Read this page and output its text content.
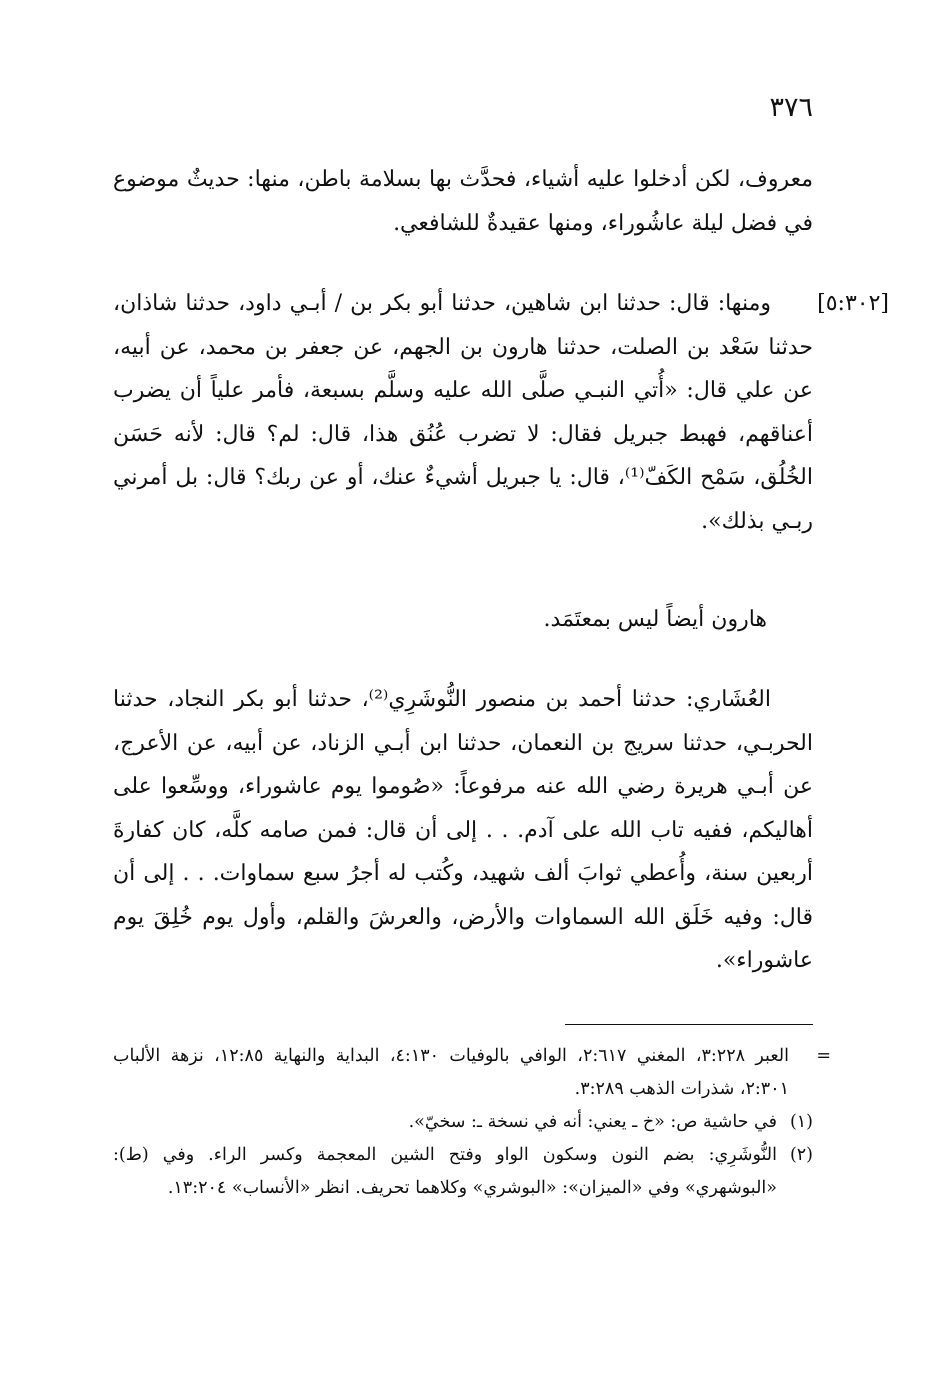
٣٧٦

معروف، لكن أدخلوا عليه أشياء، فحدَّث بها بسلامة باطن، منها: حديثٌ موضوع في فضل ليلة عاشُوراء، ومنها عقيدةٌ للشافعي.

[٥:٣٠٢]

ومنها: قال: حدثنا ابن شاهين، حدثنا أبو بكر بن / أبـي داود، حدثنا شاذان، حدثنا سَعْد بن الصلت، حدثنا هارون بن الجهم، عن جعفر بن محمد، عن أبيه، عن علي قال: «أُتي النبـي صلَّى الله عليه وسلَّم بسبعة، فأمر علياً أن يضرب أعناقهم، فهبط جبريل فقال: لا تضرب عُنُق هذا، قال: لم؟ قال: لأنه حَسَن الخُلُق، سَمْح الكَفّ⁽¹⁾، قال: يا جبريل أشيءٌ عنك، أو عن ربك؟ قال: بل أمرني ربـي بذلك».

هارون أيضاً ليس بمعتَمَد.

العُشَاري: حدثنا أحمد بن منصور النُّوشَرِي⁽²⁾، حدثنا أبو بكر النجاد، حدثنا الحربـي، حدثنا سريج بن النعمان، حدثنا ابن أبـي الزناد، عن أبيه، عن الأعرج، عن أبـي هريرة رضي الله عنه مرفوعاً: «صُوموا يوم عاشوراء، ووسِّعوا على أهاليكم، ففيه تاب الله على آدم. . . إلى أن قال: فمن صامه كلَّه، كان كفارةَ أربعين سنة، وأُعطي ثوابَ ألف شهيد، وكُتب له أجرُ سبع سماوات. . . إلى أن قال: وفيه خَلَق الله السماوات والأرض، والعرشَ والقلم، وأول يوم خُلِقَ يوم عاشوراء».

=
العبر ٣:٢٢٨، المغني ٢:٦١٧، الوافي بالوفيات ٤:١٣٠، البداية والنهاية ١٢:٨٥، نزهة الألباب ٢:٣٠١، شذرات الذهب ٣:٢٨٩.

(١)في حاشية ص: «خ ـ يعني: أنه في نسخة ـ: سخيّ».

(٢)النُّوشَرِي: بضم النون وسكون الواو وفتح الشين المعجمة وكسر الراء. وفي (ط): «البوشهري» وفي «الميزان»: «البوشري» وكلاهما تحريف. انظر «الأنساب» ١٣:٢٠٤.
